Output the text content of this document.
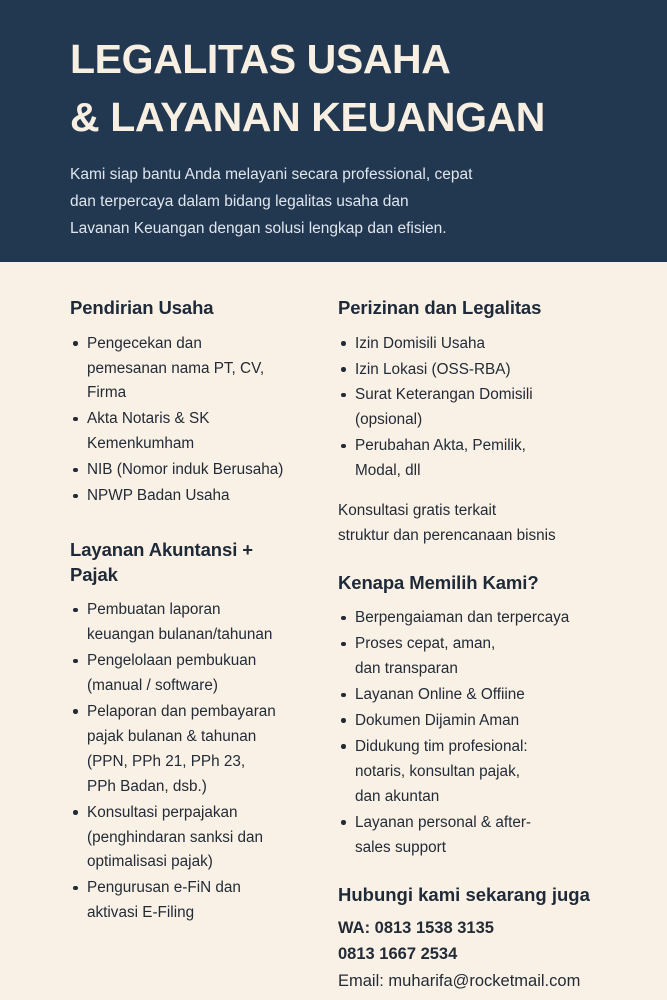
LEGALITAS USAHA
& LAYANAN KEUANGAN

Kami siap bantu Anda melayani secara professional, cepat
dan terpercaya dalam bidang legalitas usaha dan
Lavanan Keuangan dengan solusi lengkap dan efisien.

Pendirian Usaha
Pengecekan dan
pemesanan nama PT, CV,
Firma
Akta Notaris & SK
Kemenkumham
NIB (Nomor induk Berusaha)
NPWP Badan Usaha
Layanan Akuntansi +
Pajak
Pembuatan laporan
keuangan bulanan/tahunan
Pengelolaan pembukuan
(manual / software)
Pelaporan dan pembayaran
pajak bulanan & tahunan
(PPN, PPh 21, PPh 23,
PPh Badan, dsb.)
Konsultasi perpajakan
(penghindaran sanksi dan
optimalisasi pajak)
Pengurusan e-FiN dan
aktivasi E-Filing
Perizinan dan Legalitas
Izin Domisili Usaha
Izin Lokasi (OSS-RBA)
Surat Keterangan Domisili
(opsional)
Perubahan Akta, Pemilik,
Modal, dll

Konsultasi gratis terkait
struktur dan perencanaan bisnis

Kenapa Memilih Kami?
Berpengaiaman dan terpercaya
Proses cepat, aman,
dan transparan
Layanan Online & Offiine
Dokumen Dijamin Aman
Didukung tim profesional:
notaris, konsultan pajak,
dan akuntan
Layanan personal & after-
sales support
Hubungi kami sekarang juga
WA: 0813 1538 3135
0813 1667 2534
Email: muharifa@rocketmail.com
